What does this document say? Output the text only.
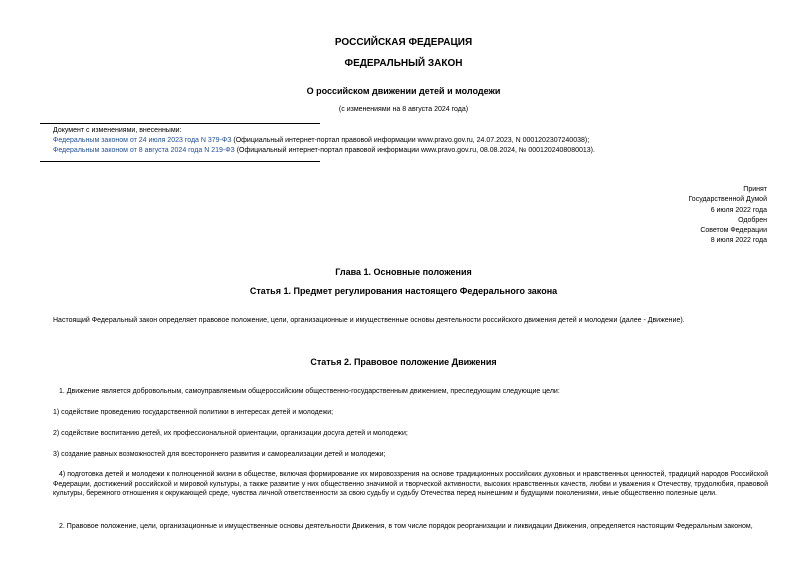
РОССИЙСКАЯ ФЕДЕРАЦИЯ
ФЕДЕРАЛЬНЫЙ ЗАКОН
О российском движении детей и молодежи
(с изменениями на 8 августа 2024 года)
Документ с изменениями, внесенными:
Федеральным законом от 24 июля 2023 года N 379-ФЗ (Официальный интернет-портал правовой информации www.pravo.gov.ru, 24.07.2023, N 0001202307240038);
Федеральным законом от 8 августа 2024 года N 219-ФЗ (Официальный интернет-портал правовой информации www.pravo.gov.ru, 08.08.2024, № 0001202408080013).
Принят
Государственной Думой
6 июля 2022 года
Одобрен
Советом Федерации
8 июля 2022 года
Глава 1. Основные положения
Статья 1. Предмет регулирования настоящего Федерального закона
Настоящий Федеральный закон определяет правовое положение, цели, организационные и имущественные основы деятельности российского движения детей и молодежи (далее - Движение).
Статья 2. Правовое положение Движения
1. Движение является добровольным, самоуправляемым общероссийским общественно-государственным движением, преследующим следующие цели:
1) содействие проведению государственной политики в интересах детей и молодежи;
2) содействие воспитанию детей, их профессиональной ориентации, организации досуга детей и молодежи;
3) создание равных возможностей для всестороннего развития и самореализации детей и молодежи;
4) подготовка детей и молодежи к полноценной жизни в обществе, включая формирование их мировоззрения на основе традиционных российских духовных и нравственных ценностей, традиций народов Российской Федерации, достижений российской и мировой культуры, а также развитие у них общественно значимой и творческой активности, высоких нравственных качеств, любви и уважения к Отечеству, трудолюбия, правовой культуры, бережного отношения к окружающей среде, чувства личной ответственности за свою судьбу и судьбу Отечества перед нынешним и будущими поколениями, иные общественно полезные цели.
2. Правовое положение, цели, организационные и имущественные основы деятельности Движения, в том числе порядок реорганизации и ликвидации Движения, определяется настоящим Федеральным законом,
